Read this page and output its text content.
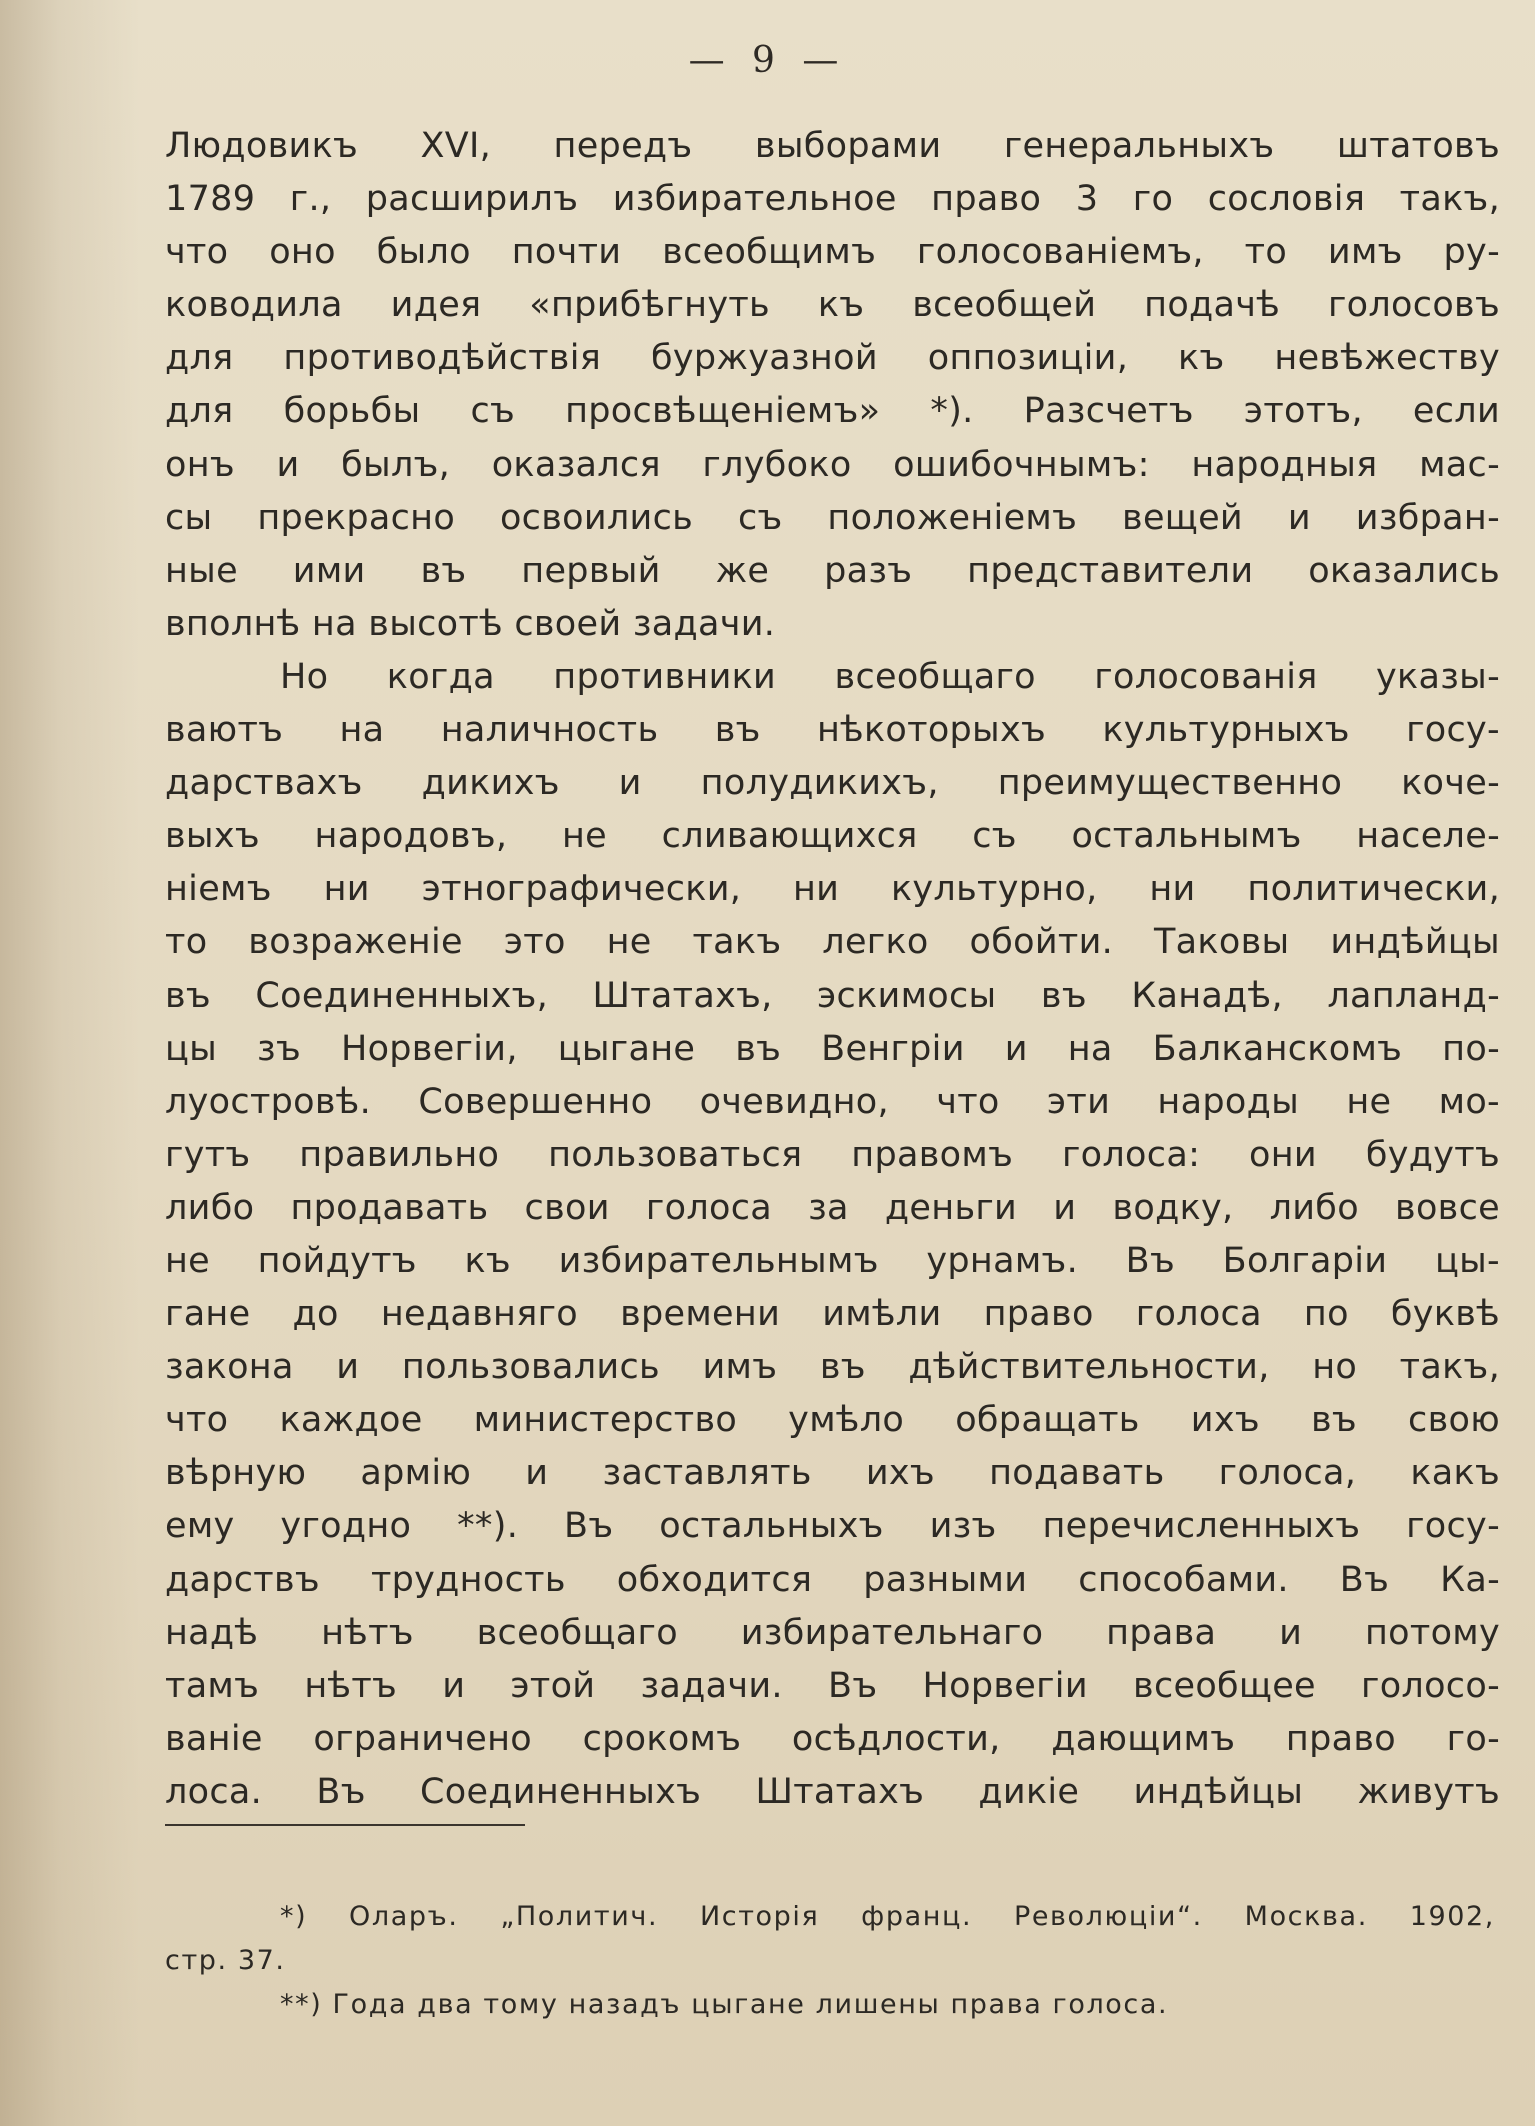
— 9 —
Людовикъ XVI, передъ выборами генеральныхъ штатовъ
1789 г., расширилъ избирательное право 3 го сословія такъ,
что оно было почти всеобщимъ голосованіемъ, то имъ ру-
ководила идея «прибѣгнуть къ всеобщей подачѣ голосовъ
для противодѣйствія буржуазной оппозиціи, къ невѣжеству
для борьбы съ просвѣщеніемъ» *). Разсчетъ этотъ, если
онъ и былъ, оказался глубоко ошибочнымъ: народныя мас-
сы прекрасно освоились съ положеніемъ вещей и избран-
ные ими въ первый же разъ представители оказались
вполнѣ на высотѣ своей задачи.
Но когда противники всеобщаго голосованія указы-
ваютъ на наличность въ нѣкоторыхъ культурныхъ госу-
дарствахъ дикихъ и полудикихъ, преимущественно коче-
выхъ народовъ, не сливающихся съ остальнымъ населе-
ніемъ ни этнографически, ни культурно, ни политически,
то возраженіе это не такъ легко обойти. Таковы индѣйцы
въ Соединенныхъ, Штатахъ, эскимосы въ Канадѣ, лапланд-
цы зъ Норвегіи, цыгане въ Венгріи и на Балканскомъ по-
луостровѣ. Совершенно очевидно, что эти народы не мо-
гутъ правильно пользоваться правомъ голоса: они будутъ
либо продавать свои голоса за деньги и водку, либо вовсе
не пойдутъ къ избирательнымъ урнамъ. Въ Болгаріи цы-
гане до недавняго времени имѣли право голоса по буквѣ
закона и пользовались имъ въ дѣйствительности, но такъ,
что каждое министерство умѣло обращать ихъ въ свою
вѣрную армію и заставлять ихъ подавать голоса, какъ
ему угодно **). Въ остальныхъ изъ перечисленныхъ госу-
дарствъ трудность обходится разными способами. Въ Ка-
надѣ нѣтъ всеобщаго избирательнаго права и потому
тамъ нѣтъ и этой задачи. Въ Норвегіи всеобщее голосо-
ваніе ограничено срокомъ осѣдлости, дающимъ право го-
лоса. Въ Соединенныхъ Штатахъ дикіе индѣйцы живутъ
*) Оларъ. „Политич. Исторія франц. Революціи“. Москва. 1902,
стр. 37.
**) Года два тому назадъ цыгане лишены права голоса.
